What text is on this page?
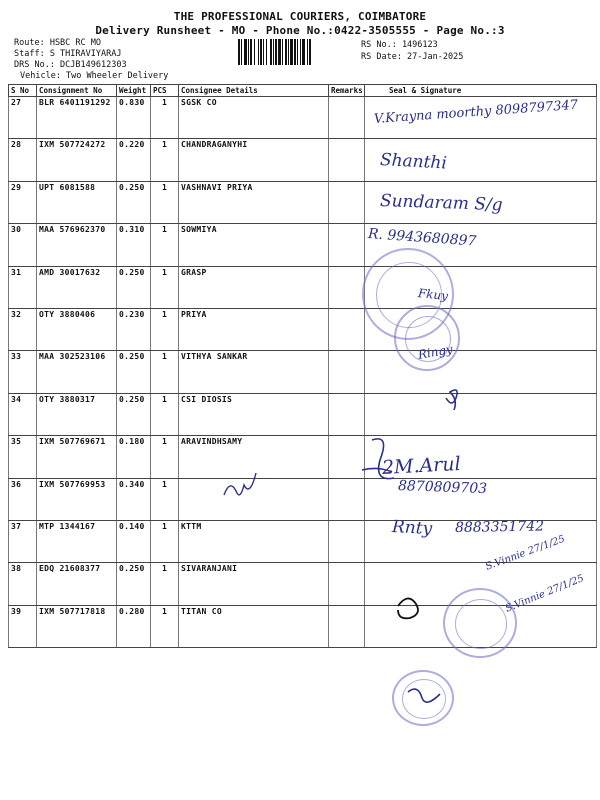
THE PROFESSIONAL COURIERS, COIMBATORE
Delivery Runsheet - MO - Phone No.:0422-3505555 - Page No.:3
Route: HSBC RC MO
Staff: S THIRAVIYARAJ
DRS No.: DCJB149612303
Vehicle: Two Wheeler Delivery
RS No.: 1496123
RS Date: 27-Jan-2025
S No	Consignment No	Weight	PCS	Consignee Details	Remarks	Seal & Signature
27	BLR 6401191292	0.830	1	SGSK CO		
28	IXM 507724272	0.220	1	CHANDRAGANYHI		
29	UPT 6081588	0.250	1	VASHNAVI PRIYA		
30	MAA 576962370	0.310	1	SOWMIYA		
31	AMD 30017632	0.250	1	GRASP		
32	OTY 3880406	0.230	1	PRIYA		
33	MAA 302523106	0.250	1	VITHYA SANKAR		
34	OTY 3880317	0.250	1	CSI DIOSIS		
35	IXM 507769671	0.180	1	ARAVINDHSAMY		
36	IXM 507769953	0.340	1			
37	MTP 1344167	0.140	1	KTTM		
38	EDQ 21608377	0.250	1	SIVARANJANI		
39	IXM 507717818	0.280	1	TITAN CO		
V.Krayna moorthy 8098797347
Shanthi
Sundaram S/g
R. 9943680897
Fkuy
Ringy
2M.Arul
8870809703
Rnty 8883351742
S.Vinnie 27/1/25
S.Vinnie 27/1/25
